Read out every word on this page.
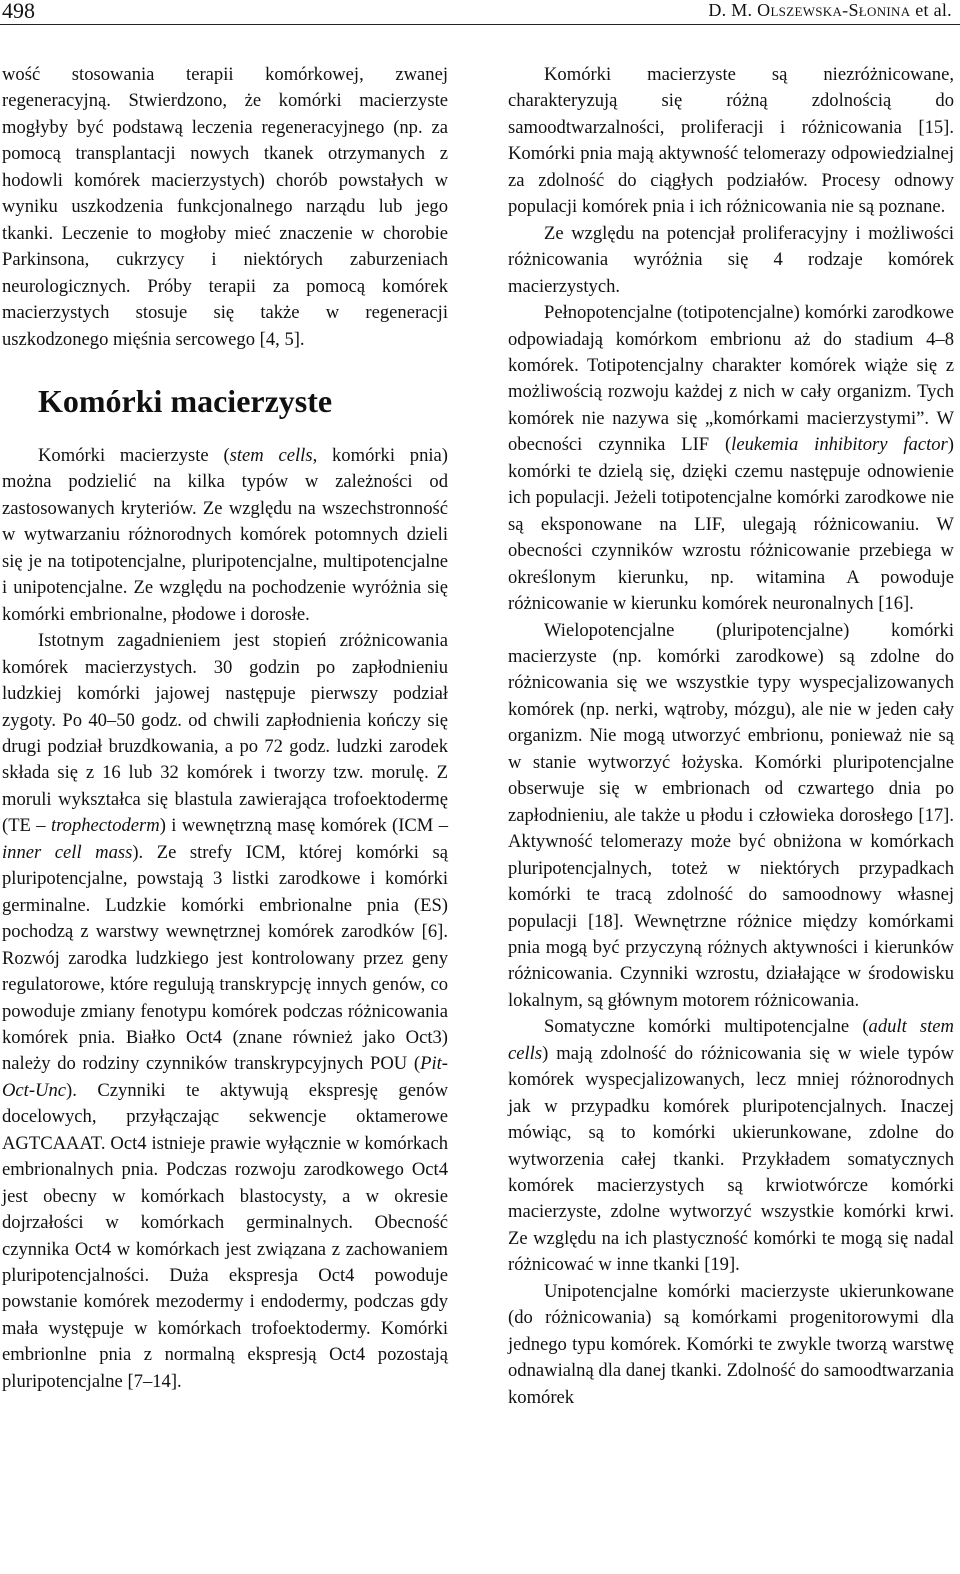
498	D. M. Olszewska-Słonina et al.

wość stosowania terapii komórkowej, zwanej regeneracyjną. Stwierdzono, że komórki macierzyste mogłyby być podstawą leczenia regeneracyjnego (np. za pomocą transplantacji nowych tkanek otrzymanych z hodowli komórek macierzystych) chorób powstałych w wyniku uszkodzenia funkcjonalnego narządu lub jego tkanki. Leczenie to mogłoby mieć znaczenie w chorobie Parkinsona, cukrzycy i niektórych zaburzeniach neurologicznych. Próby terapii za pomocą komórek macierzystych stosuje się także w regeneracji uszkodzonego mięśnia sercowego [4, 5].

Komórki macierzyste

Komórki macierzyste (stem cells, komórki pnia) można podzielić na kilka typów w zależności od zastosowanych kryteriów. Ze względu na wszechstronność w wytwarzaniu różnorodnych komórek potomnych dzieli się je na totipotencjalne, pluripotencjalne, multipotencjalne i unipotencjalne. Ze względu na pochodzenie wyróżnia się komórki embrionalne, płodowe i dorosłe.

Istotnym zagadnieniem jest stopień zróżnicowania komórek macierzystych. 30 godzin po zapłodnieniu ludzkiej komórki jajowej następuje pierwszy podział zygoty. Po 40–50 godz. od chwili zapłodnienia kończy się drugi podział bruzdkowania, a po 72 godz. ludzki zarodek składa się z 16 lub 32 komórek i tworzy tzw. morulę. Z moruli wykształca się blastula zawierająca trofoektodermę (TE – trophectoderm) i wewnętrzną masę komórek (ICM – inner cell mass). Ze strefy ICM, której komórki są pluripotencjalne, powstają 3 listki zarodkowe i komórki germinalne. Ludzkie komórki embrionalne pnia (ES) pochodzą z warstwy wewnętrznej komórek zarodków [6]. Rozwój zarodka ludzkiego jest kontrolowany przez geny regulatorowe, które regulują transkrypcję innych genów, co powoduje zmiany fenotypu komórek podczas różnicowania komórek pnia. Białko Oct4 (znane również jako Oct3) należy do rodziny czynników transkrypcyjnych POU (Pit-Oct-Unc). Czynniki te aktywują ekspresję genów docelowych, przyłączając sekwencje oktamerowe AGTCAAAT. Oct4 istnieje prawie wyłącznie w komórkach embrionalnych pnia. Podczas rozwoju zarodkowego Oct4 jest obecny w komórkach blastocysty, a w okresie dojrzałości w komórkach germinalnych. Obecność czynnika Oct4 w komórkach jest związana z zachowaniem pluripotencjalności. Duża ekspresja Oct4 powoduje powstanie komórek mezodermy i endodermy, podczas gdy mała występuje w komórkach trofoektodermy. Komórki embrionlne pnia z normalną ekspresją Oct4 pozostają pluripotencjalne [7–14].

Komórki macierzyste są niezróżnicowane, charakteryzują się różną zdolnością do samoodtwarzalności, proliferacji i różnicowania [15]. Komórki pnia mają aktywność telomerazy odpowiedzialnej za zdolność do ciągłych podziałów. Procesy odnowy populacji komórek pnia i ich różnicowania nie są poznane.

Ze względu na potencjał proliferacyjny i możliwości różnicowania wyróżnia się 4 rodzaje komórek macierzystych.

Pełnopotencjalne (totipotencjalne) komórki zarodkowe odpowiadają komórkom embrionu aż do stadium 4–8 komórek. Totipotencjalny charakter komórek wiąże się z możliwością rozwoju każdej z nich w cały organizm. Tych komórek nie nazywa się „komórkami macierzystymi”. W obecności czynnika LIF (leukemia inhibitory factor) komórki te dzielą się, dzięki czemu następuje odnowienie ich populacji. Jeżeli totipotencjalne komórki zarodkowe nie są eksponowane na LIF, ulegają różnicowaniu. W obecności czynników wzrostu różnicowanie przebiega w określonym kierunku, np. witamina A powoduje różnicowanie w kierunku komórek neuronalnych [16].

Wielopotencjalne (pluripotencjalne) komórki macierzyste (np. komórki zarodkowe) są zdolne do różnicowania się we wszystkie typy wyspecjalizowanych komórek (np. nerki, wątroby, mózgu), ale nie w jeden cały organizm. Nie mogą utworzyć embrionu, ponieważ nie są w stanie wytworzyć łożyska. Komórki pluripotencjalne obserwuje się w embrionach od czwartego dnia po zapłodnieniu, ale także u płodu i człowieka dorosłego [17]. Aktywność telomerazy może być obniżona w komórkach pluripotencjalnych, toteż w niektórych przypadkach komórki te tracą zdolność do samoodnowy własnej populacji [18]. Wewnętrzne różnice między komórkami pnia mogą być przyczyną różnych aktywności i kierunków różnicowania. Czynniki wzrostu, działające w środowisku lokalnym, są głównym motorem różnicowania.

Somatyczne komórki multipotencjalne (adult stem cells) mają zdolność do różnicowania się w wiele typów komórek wyspecjalizowanych, lecz mniej różnorodnych jak w przypadku komórek pluripotencjalnych. Inaczej mówiąc, są to komórki ukierunkowane, zdolne do wytworzenia całej tkanki. Przykładem somatycznych komórek macierzystych są krwiotwórcze komórki macierzyste, zdolne wytworzyć wszystkie komórki krwi. Ze względu na ich plastyczność komórki te mogą się nadal różnicować w inne tkanki [19].

Unipotencjalne komórki macierzyste ukierunkowane (do różnicowania) są komórkami progenitorowymi dla jednego typu komórek. Komórki te zwykle tworzą warstwę odnawialną dla danej tkanki. Zdolność do samoodtwarzania komórek
